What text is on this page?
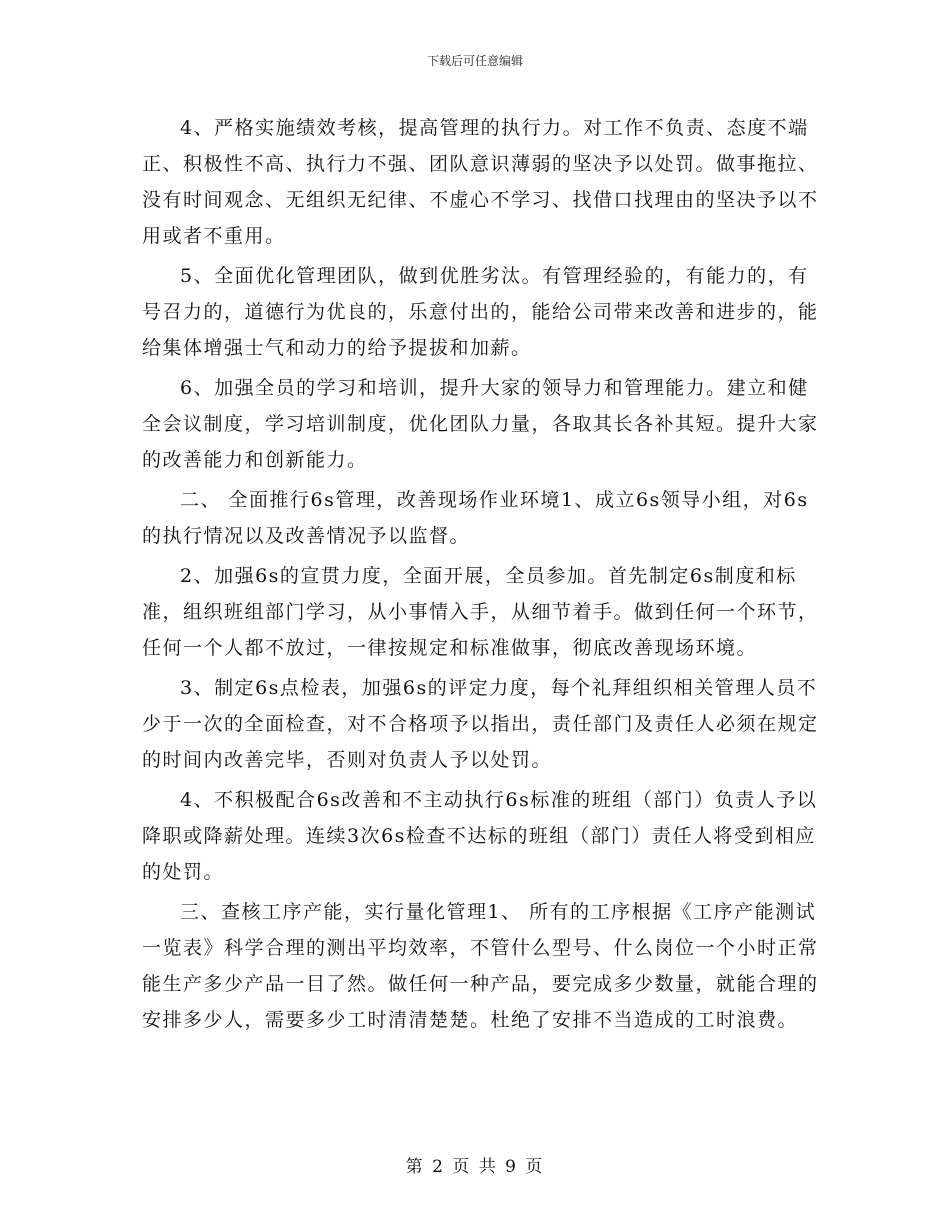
下载后可任意编辑

4、严格实施绩效考核，提高管理的执行力。对工作不负责、态度不端正、积极性不高、执行力不强、团队意识薄弱的坚决予以处罚。做事拖拉、没有时间观念、无组织无纪律、不虚心不学习、找借口找理由的坚决予以不用或者不重用。

5、全面优化管理团队，做到优胜劣汰。有管理经验的，有能力的，有号召力的，道德行为优良的，乐意付出的，能给公司带来改善和进步的，能给集体增强士气和动力的给予提拔和加薪。

6、加强全员的学习和培训，提升大家的领导力和管理能力。建立和健全会议制度，学习培训制度，优化团队力量，各取其长各补其短。提升大家的改善能力和创新能力。

二、 全面推行6s管理，改善现场作业环境1、成立6s领导小组，对6s的执行情况以及改善情况予以监督。

2、加强6s的宣贯力度，全面开展，全员参加。首先制定6s制度和标准，组织班组部门学习，从小事情入手，从细节着手。做到任何一个环节，任何一个人都不放过，一律按规定和标准做事，彻底改善现场环境。

3、制定6s点检表，加强6s的评定力度，每个礼拜组织相关管理人员不少于一次的全面检查，对不合格项予以指出，责任部门及责任人必须在规定的时间内改善完毕，否则对负责人予以处罚。

4、不积极配合6s改善和不主动执行6s标准的班组（部门）负责人予以降职或降薪处理。连续3次6s检查不达标的班组（部门）责任人将受到相应的处罚。

三、查核工序产能，实行量化管理1、 所有的工序根据《工序产能测试一览表》科学合理的测出平均效率，不管什么型号、什么岗位一个小时正常能生产多少产品一目了然。做任何一种产品，要完成多少数量，就能合理的安排多少人，需要多少工时清清楚楚。杜绝了安排不当造成的工时浪费。

第 2 页 共 9 页
